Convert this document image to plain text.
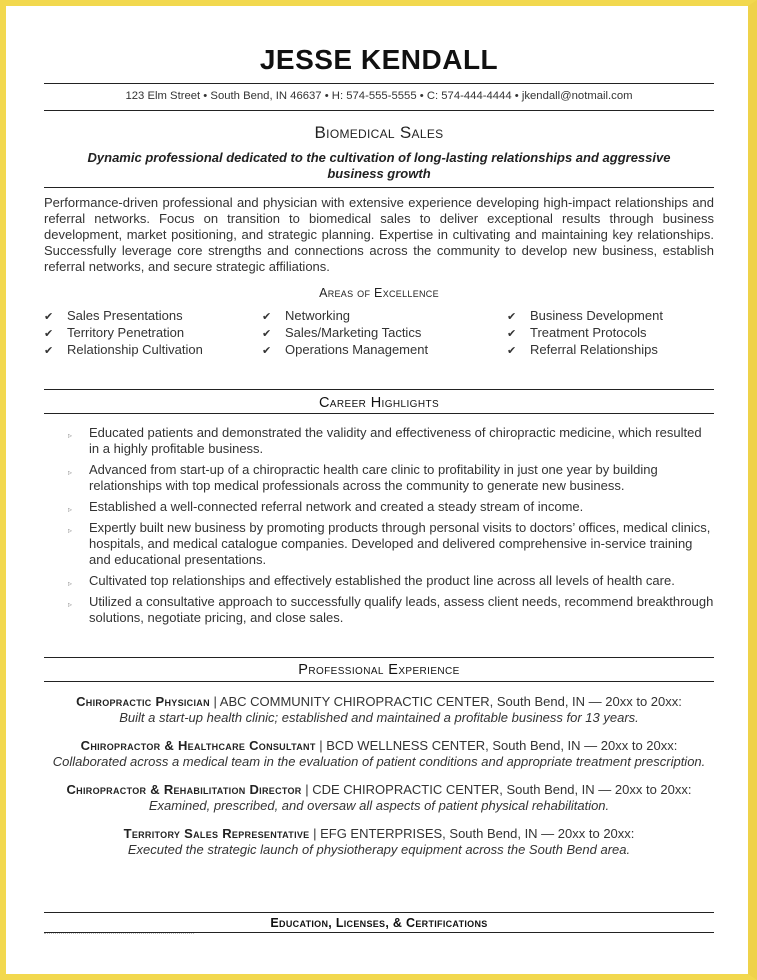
JESSE KENDALL
123 Elm Street • South Bend, IN 46637 • H: 574-555-5555 • C: 574-444-4444 • jkendall@notmail.com
Biomedical Sales
Dynamic professional dedicated to the cultivation of long-lasting relationships and aggressive business growth
Performance-driven professional and physician with extensive experience developing high-impact relationships and referral networks. Focus on transition to biomedical sales to deliver exceptional results through business development, market positioning, and strategic planning. Expertise in cultivating and maintaining key relationships. Successfully leverage core strengths and connections across the community to develop new business, establish referral networks, and secure strategic affiliations.
Areas of Excellence
✔ Sales Presentations
✔ Territory Penetration
✔ Relationship Cultivation
✔ Networking
✔ Sales/Marketing Tactics
✔ Operations Management
✔ Business Development
✔ Treatment Protocols
✔ Referral Relationships
Career Highlights
▹ Educated patients and demonstrated the validity and effectiveness of chiropractic medicine, which resulted in a highly profitable business.
▹ Advanced from start-up of a chiropractic health care clinic to profitability in just one year by building relationships with top medical professionals across the community to generate new business.
▹ Established a well-connected referral network and created a steady stream of income.
▹ Expertly built new business by promoting products through personal visits to doctors’ offices, medical clinics, hospitals, and medical catalogue companies. Developed and delivered comprehensive in-service training and educational presentations.
▹ Cultivated top relationships and effectively established the product line across all levels of health care.
▹ Utilized a consultative approach to successfully qualify leads, assess client needs, recommend breakthrough solutions, negotiate pricing, and close sales.
Professional Experience
Chiropractic Physician | ABC COMMUNITY CHIROPRACTIC CENTER, South Bend, IN — 20xx to 20xx:
Built a start-up health clinic; established and maintained a profitable business for 13 years.
Chiropractor & Healthcare Consultant | BCD WELLNESS CENTER, South Bend, IN — 20xx to 20xx:
Collaborated across a medical team in the evaluation of patient conditions and appropriate treatment prescription.
Chiropractor & Rehabilitation Director | CDE CHIROPRACTIC CENTER, South Bend, IN — 20xx to 20xx:
Examined, prescribed, and oversaw all aspects of patient physical rehabilitation.
Territory Sales Representative | EFG ENTERPRISES, South Bend, IN — 20xx to 20xx:
Executed the strategic launch of physiotherapy equipment across the South Bend area.
Education, Licenses, & Certifications
